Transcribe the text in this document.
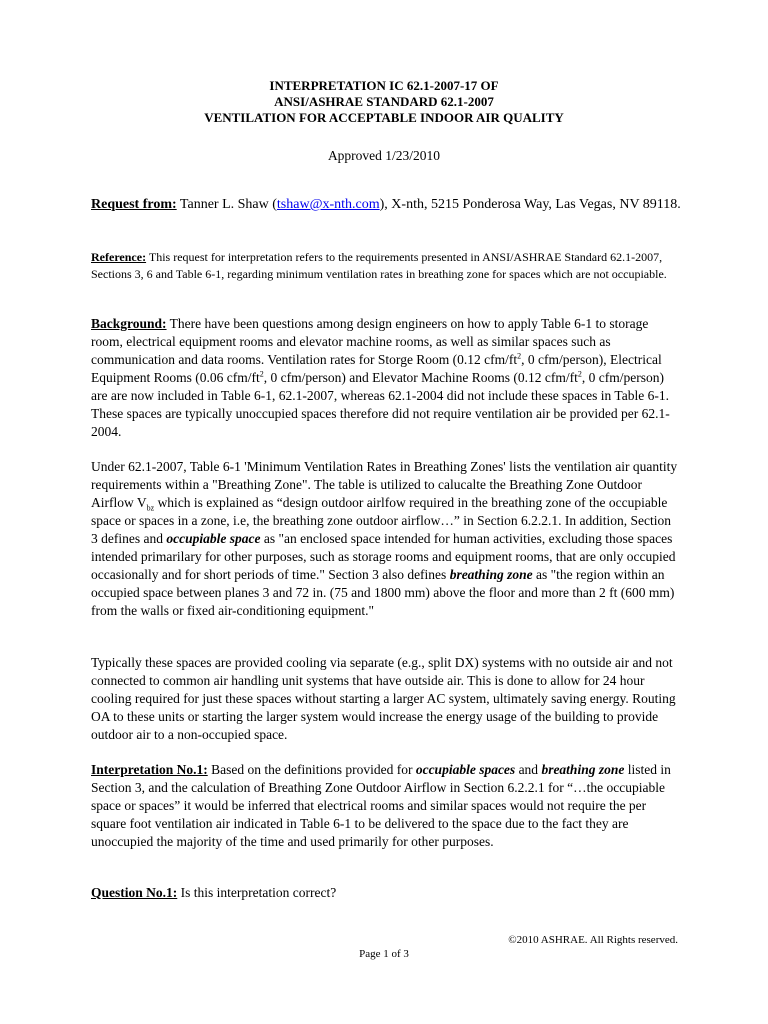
INTERPRETATION IC 62.1-2007-17 OF
ANSI/ASHRAE STANDARD 62.1-2007
VENTILATION FOR ACCEPTABLE INDOOR AIR QUALITY
Approved 1/23/2010
Request from: Tanner L. Shaw (tshaw@x-nth.com), X-nth, 5215 Ponderosa Way, Las Vegas, NV 89118.
Reference: This request for interpretation refers to the requirements presented in ANSI/ASHRAE Standard 62.1-2007, Sections 3, 6 and Table 6-1, regarding minimum ventilation rates in breathing zone for spaces which are not occupiable.
Background: There have been questions among design engineers on how to apply Table 6-1 to storage room, electrical equipment rooms and elevator machine rooms, as well as similar spaces such as communication and data rooms. Ventilation rates for Storge Room (0.12 cfm/$ft^2$, 0 cfm/person), Electrical Equipment Rooms (0.06 cfm/$ft^2$, 0 cfm/person) and Elevator Machine Rooms (0.12 cfm/$ft^2$, 0 cfm/person) are are now included in Table 6-1, 62.1-2007, whereas 62.1-2004 did not include these spaces in Table 6-1. These spaces are typically unoccupied spaces therefore did not require ventilation air be provided per 62.1-2004.
Under 62.1-2007, Table 6-1 'Minimum Ventilation Rates in Breathing Zones' lists the ventilation air quantity requirements within a "Breathing Zone". The table is utilized to calucalte the Breathing Zone Outdoor Airflow $V_{bz}$ which is explained as “design outdoor airlfow required in the breathing zone of the occupiable space or spaces in a zone, i.e, the breathing zone outdoor airflow…” in Section 6.2.2.1. In addition, Section 3 defines and occupiable space as "an enclosed space intended for human activities, excluding those spaces intended primarilary for other purposes, such as storage rooms and equipment rooms, that are only occupied occasionally and for short periods of time." Section 3 also defines breathing zone as "the region within an occupied space between planes 3 and 72 in. (75 and 1800 mm) above the floor and more than 2 ft (600 mm) from the walls or fixed air-conditioning equipment."
Typically these spaces are provided cooling via separate (e.g., split DX) systems with no outside air and not connected to common air handling unit systems that have outside air. This is done to allow for 24 hour cooling required for just these spaces without starting a larger AC system, ultimately saving energy. Routing OA to these units or starting the larger system would increase the energy usage of the building to provide outdoor air to a non-occupied space.
Interpretation No.1: Based on the definitions provided for occupiable spaces and breathing zone listed in Section 3, and the calculation of Breathing Zone Outdoor Airflow in Section 6.2.2.1 for “…the occupiable space or spaces” it would be inferred that electrical rooms and similar spaces would not require the per square foot ventilation air indicated in Table 6-1 to be delivered to the space due to the fact they are unoccupied the majority of the time and used primarily for other purposes.
Question No.1: Is this interpretation correct?
©2010 ASHRAE. All Rights reserved.
Page 1 of 3
